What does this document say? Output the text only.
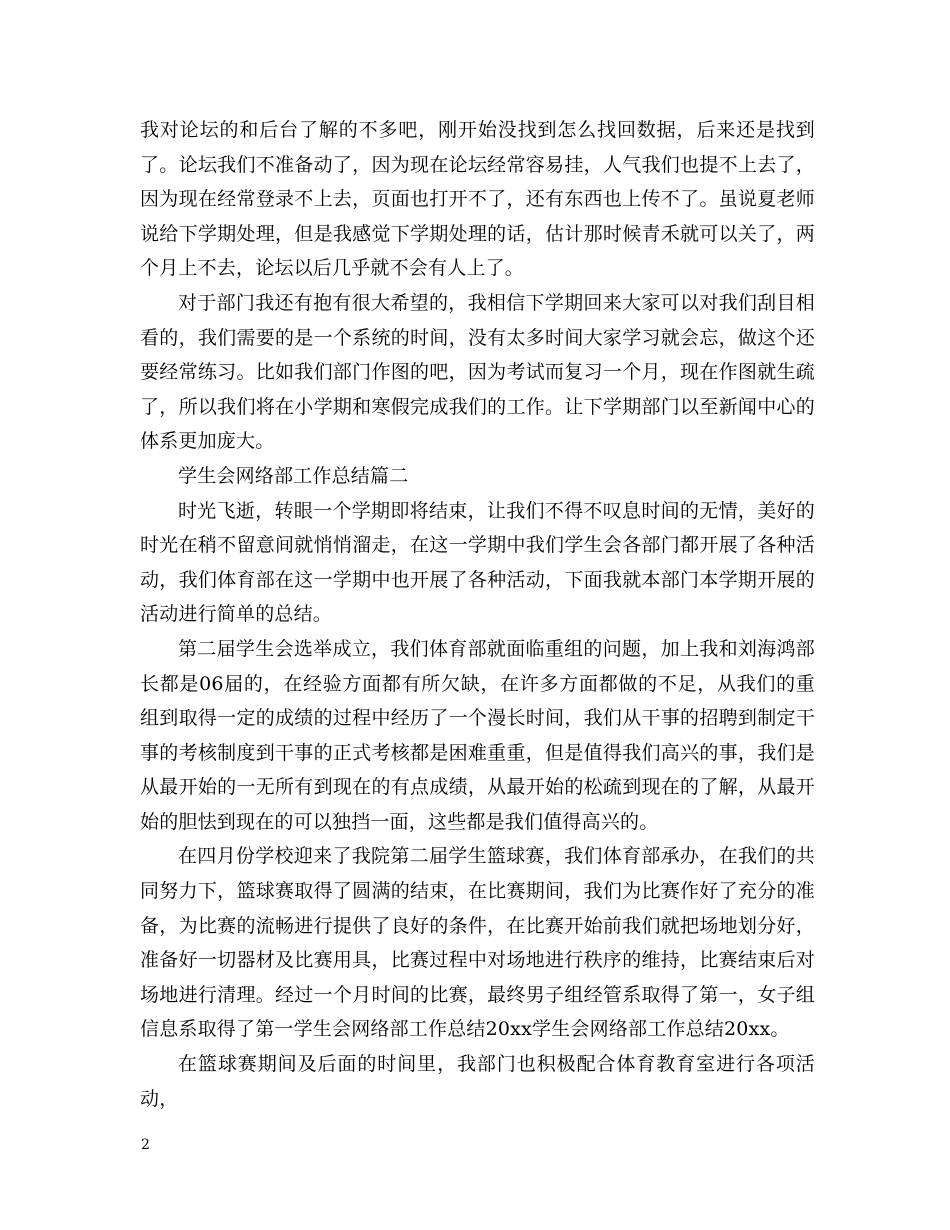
我对论坛的和后台了解的不多吧，刚开始没找到怎么找回数据，后来还是找到了。论坛我们不准备动了，因为现在论坛经常容易挂，人气我们也提不上去了，因为现在经常登录不上去，页面也打开不了，还有东西也上传不了。虽说夏老师说给下学期处理，但是我感觉下学期处理的话，估计那时候青禾就可以关了，两个月上不去，论坛以后几乎就不会有人上了。

对于部门我还有抱有很大希望的，我相信下学期回来大家可以对我们刮目相看的，我们需要的是一个系统的时间，没有太多时间大家学习就会忘，做这个还要经常练习。比如我们部门作图的吧，因为考试而复习一个月，现在作图就生疏了，所以我们将在小学期和寒假完成我们的工作。让下学期部门以至新闻中心的体系更加庞大。

学生会网络部工作总结篇二

时光飞逝，转眼一个学期即将结束，让我们不得不叹息时间的无情，美好的时光在稍不留意间就悄悄溜走，在这一学期中我们学生会各部门都开展了各种活动，我们体育部在这一学期中也开展了各种活动，下面我就本部门本学期开展的活动进行简单的总结。

第二届学生会选举成立，我们体育部就面临重组的问题，加上我和刘海鸿部长都是06届的，在经验方面都有所欠缺，在许多方面都做的不足，从我们的重组到取得一定的成绩的过程中经历了一个漫长时间，我们从干事的招聘到制定干事的考核制度到干事的正式考核都是困难重重，但是值得我们高兴的事，我们是从最开始的一无所有到现在的有点成绩，从最开始的松疏到现在的了解，从最开始的胆怯到现在的可以独挡一面，这些都是我们值得高兴的。

在四月份学校迎来了我院第二届学生篮球赛，我们体育部承办，在我们的共同努力下，篮球赛取得了圆满的结束，在比赛期间，我们为比赛作好了充分的准备，为比赛的流畅进行提供了良好的条件，在比赛开始前我们就把场地划分好，准备好一切器材及比赛用具，比赛过程中对场地进行秩序的维持，比赛结束后对场地进行清理。经过一个月时间的比赛，最终男子组经管系取得了第一，女子组信息系取得了第一学生会网络部工作总结20xx学生会网络部工作总结20xx。

在篮球赛期间及后面的时间里，我部门也积极配合体育教育室进行各项活动，

2
